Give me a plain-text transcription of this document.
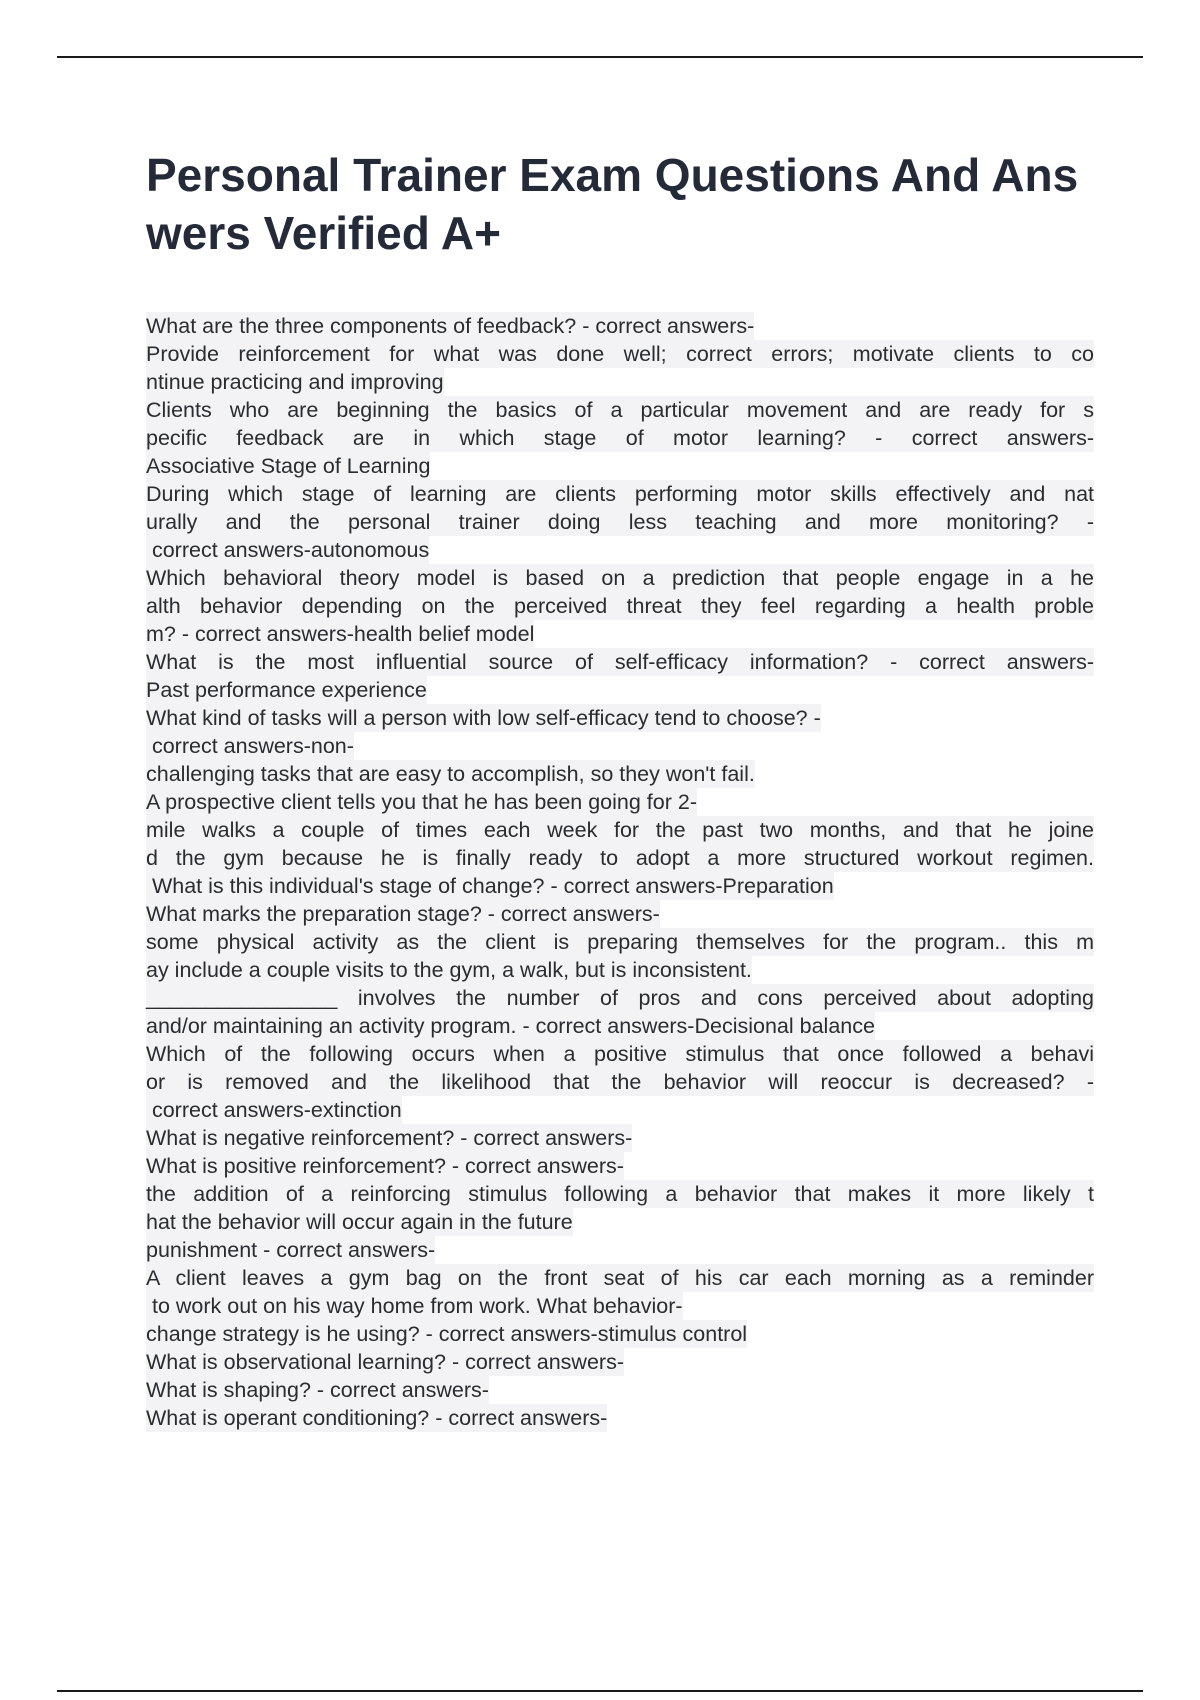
Personal Trainer Exam Questions And Answers Verified A+
What are the three components of feedback? - correct answers-
Provide reinforcement for what was done well; correct errors; motivate clients to co
ntinue practicing and improving
Clients who are beginning the basics of a particular movement and are ready for s
pecific feedback are in which stage of motor learning? - correct answers-
Associative Stage of Learning
During which stage of learning are clients performing motor skills effectively and nat
urally and the personal trainer doing less teaching and more monitoring? -
correct answers-autonomous
Which behavioral theory model is based on a prediction that people engage in a he
alth behavior depending on the perceived threat they feel regarding a health proble
m? - correct answers-health belief model
What is the most influential source of self-efficacy information? - correct answers-
Past performance experience
What kind of tasks will a person with low self-efficacy tend to choose? -
correct answers-non-
challenging tasks that are easy to accomplish, so they won't fail.
A prospective client tells you that he has been going for 2-
mile walks a couple of times each week for the past two months, and that he joine
d the gym because he is finally ready to adopt a more structured workout regimen.
What is this individual's stage of change? - correct answers-Preparation
What marks the preparation stage? - correct answers-
some physical activity as the client is preparing themselves for the program.. this m
ay include a couple visits to the gym, a walk, but is inconsistent.
________________ involves the number of pros and cons perceived about adopting
and/or maintaining an activity program. - correct answers-Decisional balance
Which of the following occurs when a positive stimulus that once followed a behavi
or is removed and the likelihood that the behavior will reoccur is decreased? -
correct answers-extinction
What is negative reinforcement? - correct answers-
What is positive reinforcement? - correct answers-
the addition of a reinforcing stimulus following a behavior that makes it more likely t
hat the behavior will occur again in the future
punishment - correct answers-
A client leaves a gym bag on the front seat of his car each morning as a reminder
to work out on his way home from work. What behavior-
change strategy is he using? - correct answers-stimulus control
What is observational learning? - correct answers-
What is shaping? - correct answers-
What is operant conditioning? - correct answers-
